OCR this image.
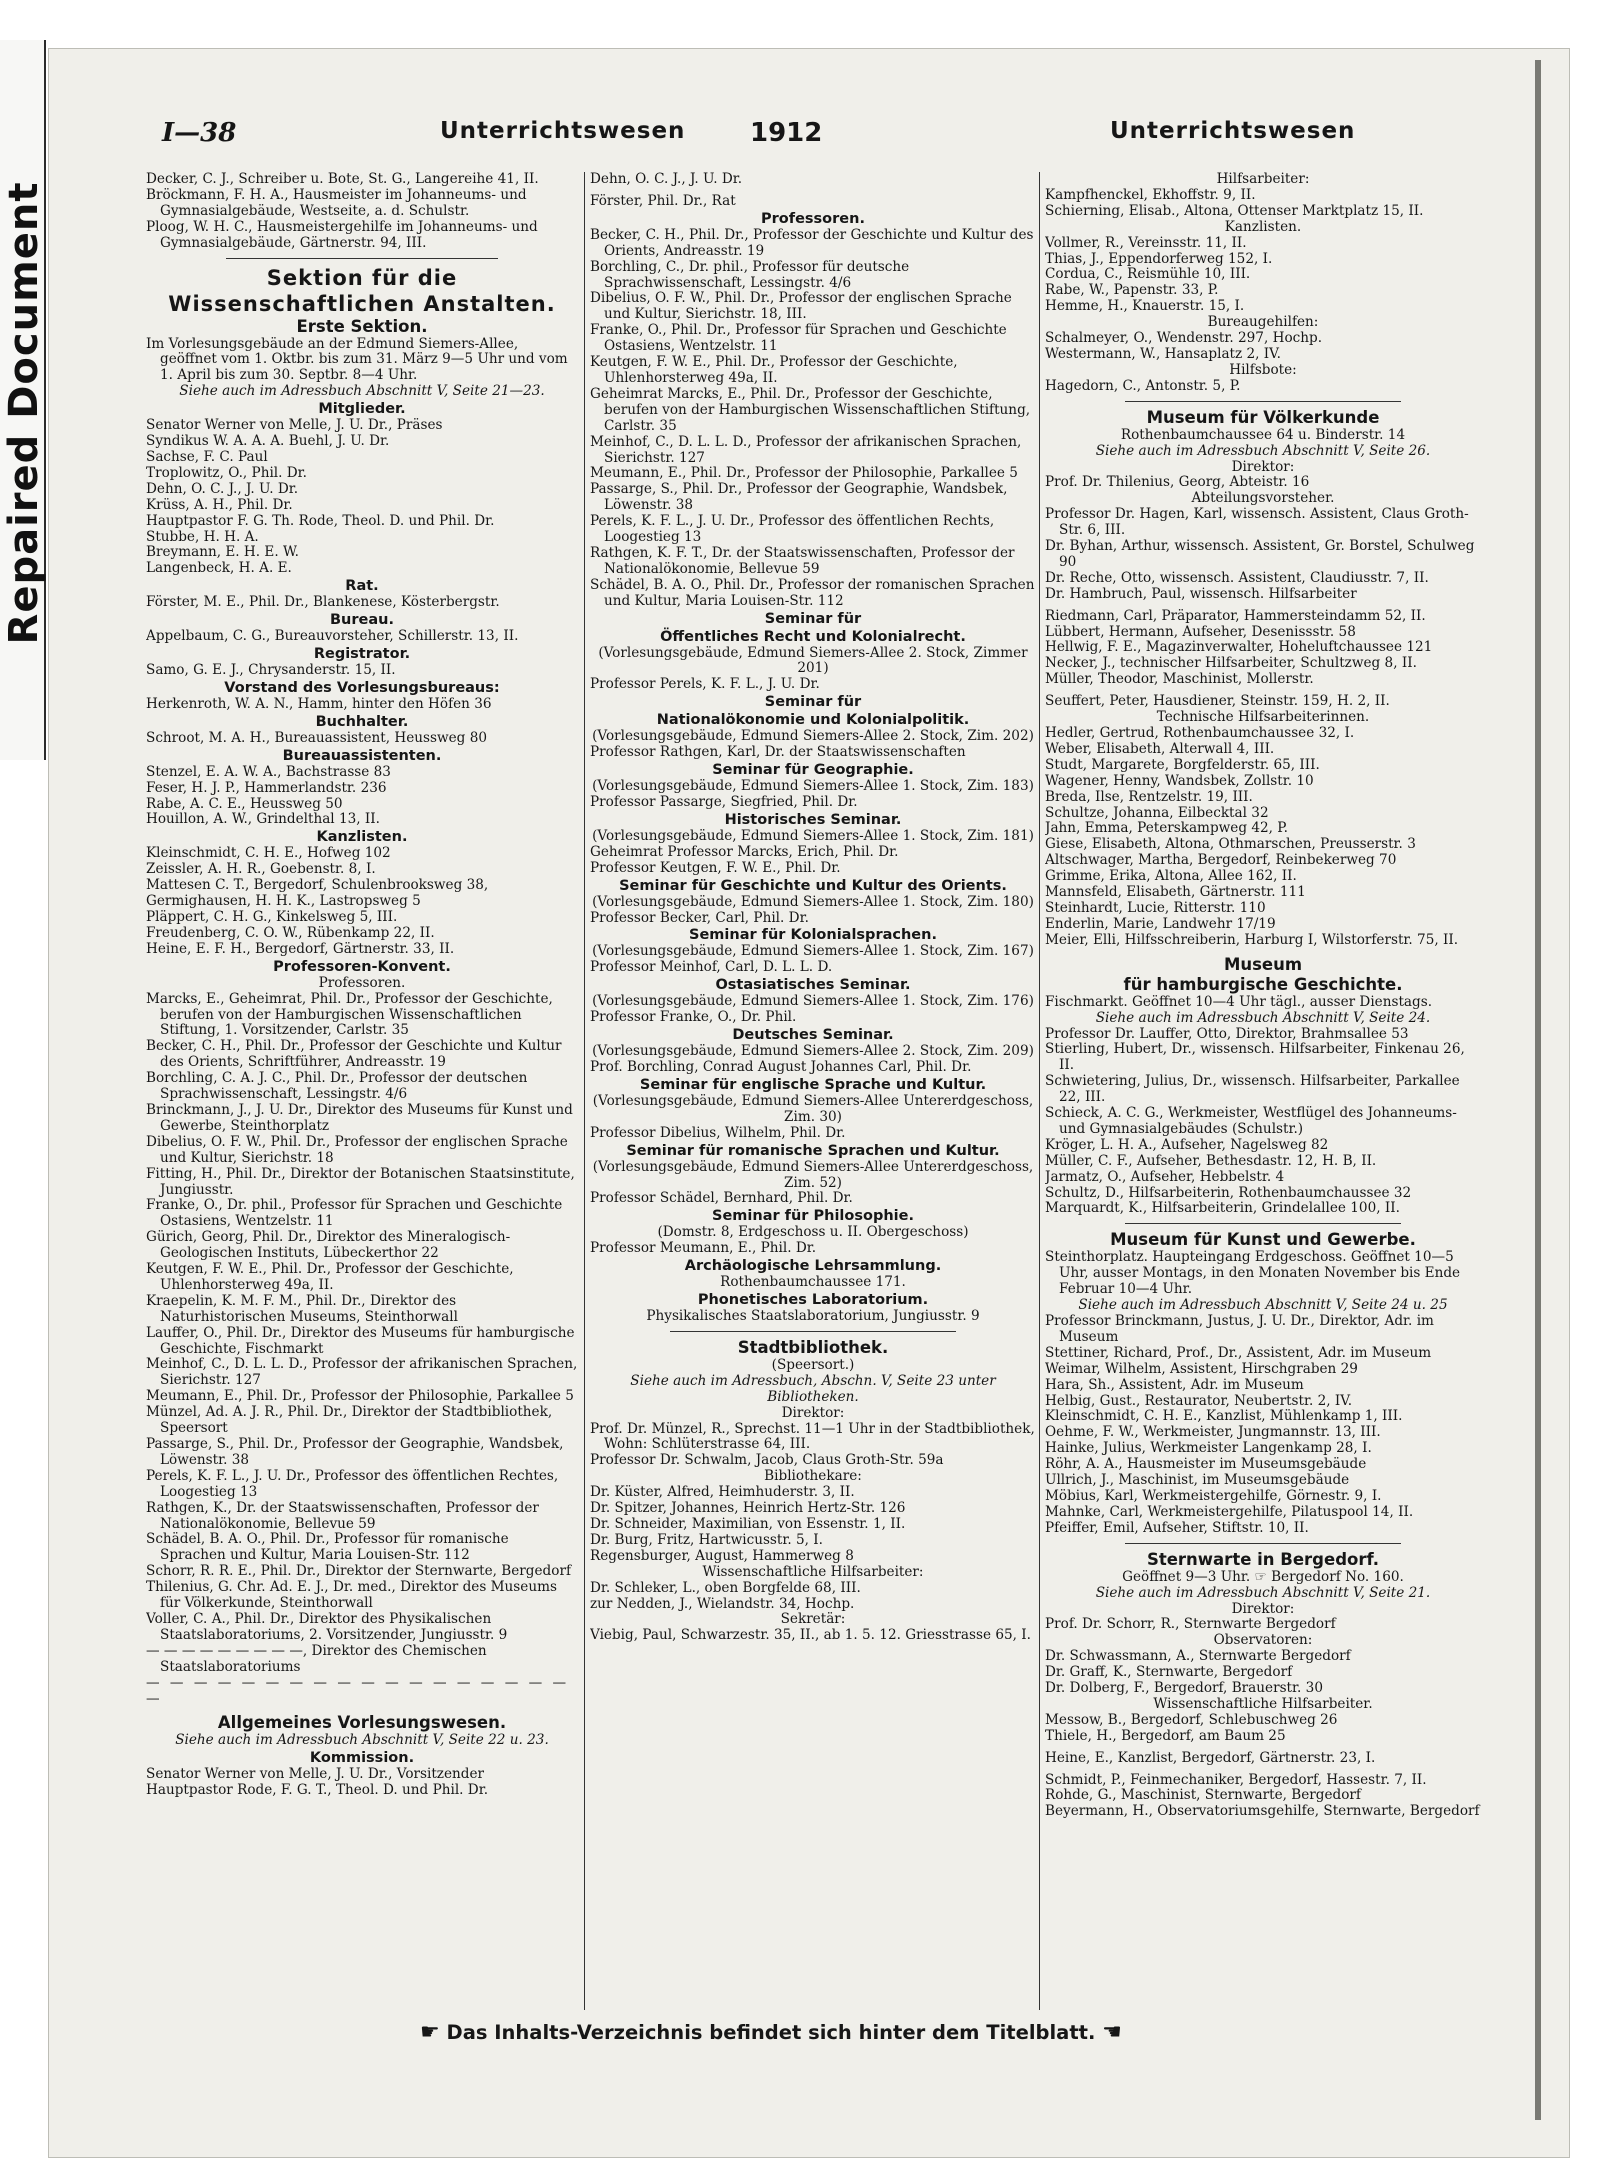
Repaired Document
I—38	Unterrichtswesen 1912	Unterrichtswesen

Decker, C. J., Schreiber u. Bote, St. G., Langereihe 41, II.

Bröckmann, F. H. A., Hausmeister im Johanneums- und Gymnasialgebäude, Westseite, a. d. Schulstr.

Ploog, W. H. C., Hausmeistergehilfe im Johanneums- und Gymnasialgebäude, Gärtnerstr. 94, III.

Sektion für die

Wissenschaftlichen Anstalten.

Erste Sektion.

Im Vorlesungsgebäude an der Edmund Siemers-Allee, geöffnet vom 1. Oktbr. bis zum 31. März 9—5 Uhr und vom 1. April bis zum 30. Septbr. 8—4 Uhr.

Siehe auch im Adressbuch Abschnitt V, Seite 21—23.

Mitglieder.

Senator Werner von Melle, J. U. Dr., Präses

Syndikus W. A. A. A. Buehl, J. U. Dr.

Sachse, F. C. Paul

Troplowitz, O., Phil. Dr.

Dehn, O. C. J., J. U. Dr.

Krüss, A. H., Phil. Dr.

Hauptpastor F. G. Th. Rode, Theol. D. und Phil. Dr.

Stubbe, H. H. A.

Breymann, E. H. E. W.

Langenbeck, H. A. E.

Rat.

Förster, M. E., Phil. Dr., Blankenese, Kösterbergstr.

Bureau.

Appelbaum, C. G., Bureauvorsteher, Schillerstr. 13, II.

Registrator.

Samo, G. E. J., Chrysanderstr. 15, II.

Vorstand des Vorlesungsbureaus:

Herkenroth, W. A. N., Hamm, hinter den Höfen 36

Buchhalter.

Schroot, M. A. H., Bureauassistent, Heussweg 80

Bureauassistenten.

Stenzel, E. A. W. A., Bachstrasse 83

Feser, H. J. P., Hammerlandstr. 236

Rabe, A. C. E., Heussweg 50

Houillon, A. W., Grindelthal 13, II.

Kanzlisten.

Kleinschmidt, C. H. E., Hofweg 102

Zeissler, A. H. R., Goebenstr. 8, I.

Mattesen C. T., Bergedorf, Schulenbrooksweg 38,

Germighausen, H. H. K., Lastropsweg 5

Pläppert, C. H. G., Kinkelsweg 5, III.

Freudenberg, C. O. W., Rübenkamp 22, II.

Heine, E. F. H., Bergedorf, Gärtnerstr. 33, II.

Professoren-Konvent.

Professoren.

Marcks, E., Geheimrat, Phil. Dr., Professor der Geschichte, berufen von der Hamburgischen Wissenschaftlichen Stiftung, 1. Vorsitzender, Carlstr. 35

Becker, C. H., Phil. Dr., Professor der Geschichte und Kultur des Orients, Schriftführer, Andreasstr. 19

Borchling, C. A. J. C., Phil. Dr., Professor der deutschen Sprachwissenschaft, Lessingstr. 4/6

Brinckmann, J., J. U. Dr., Direktor des Museums für Kunst und Gewerbe, Steinthorplatz

Dibelius, O. F. W., Phil. Dr., Professor der englischen Sprache und Kultur, Sierichstr. 18

Fitting, H., Phil. Dr., Direktor der Botanischen Staatsinstitute, Jungiusstr.

Franke, O., Dr. phil., Professor für Sprachen und Geschichte Ostasiens, Wentzelstr. 11

Gürich, Georg, Phil. Dr., Direktor des Mineralogisch-Geologischen Instituts, Lübeckerthor 22

Keutgen, F. W. E., Phil. Dr., Professor der Geschichte, Uhlenhorsterweg 49a, II.

Kraepelin, K. M. F. M., Phil. Dr., Direktor des Naturhistorischen Museums, Steinthorwall

Lauffer, O., Phil. Dr., Direktor des Museums für hamburgische Geschichte, Fischmarkt

Meinhof, C., D. L. L. D., Professor der afrikanischen Sprachen, Sierichstr. 127

Meumann, E., Phil. Dr., Professor der Philosophie, Parkallee 5

Münzel, Ad. A. J. R., Phil. Dr., Direktor der Stadtbibliothek, Speersort

Passarge, S., Phil. Dr., Professor der Geographie, Wandsbek, Löwenstr. 38

Perels, K. F. L., J. U. Dr., Professor des öffentlichen Rechtes, Loogestieg 13

Rathgen, K., Dr. der Staatswissenschaften, Professor der Nationalökonomie, Bellevue 59

Schädel, B. A. O., Phil. Dr., Professor für romanische Sprachen und Kultur, Maria Louisen-Str. 112

Schorr, R. R. E., Phil. Dr., Direktor der Sternwarte, Bergedorf

Thilenius, G. Chr. Ad. E. J., Dr. med., Direktor des Museums für Völkerkunde, Steinthorwall

Voller, C. A., Phil. Dr., Direktor des Physikalischen Staatslaboratoriums, 2. Vorsitzender, Jungiusstr. 9

— — — — — — — — —, Direktor des Chemischen Staatslaboratoriums

— — — — — — — — — — — — — — — — — — —

Allgemeines Vorlesungswesen.

Siehe auch im Adressbuch Abschnitt V, Seite 22 u. 23.

Kommission.

Senator Werner von Melle, J. U. Dr., Vorsitzender

Hauptpastor Rode, F. G. T., Theol. D. und Phil. Dr.

Dehn, O. C. J., J. U. Dr.

Förster, Phil. Dr., Rat

Professoren.

Becker, C. H., Phil. Dr., Professor der Geschichte und Kultur des Orients, Andreasstr. 19

Borchling, C., Dr. phil., Professor für deutsche Sprachwissenschaft, Lessingstr. 4/6

Dibelius, O. F. W., Phil. Dr., Professor der englischen Sprache und Kultur, Sierichstr. 18, III.

Franke, O., Phil. Dr., Professor für Sprachen und Geschichte Ostasiens, Wentzelstr. 11

Keutgen, F. W. E., Phil. Dr., Professor der Geschichte, Uhlenhorsterweg 49a, II.

Geheimrat Marcks, E., Phil. Dr., Professor der Geschichte, berufen von der Hamburgischen Wissenschaftlichen Stiftung, Carlstr. 35

Meinhof, C., D. L. L. D., Professor der afrikanischen Sprachen, Sierichstr. 127

Meumann, E., Phil. Dr., Professor der Philosophie, Parkallee 5

Passarge, S., Phil. Dr., Professor der Geographie, Wandsbek, Löwenstr. 38

Perels, K. F. L., J. U. Dr., Professor des öffentlichen Rechts, Loogestieg 13

Rathgen, K. F. T., Dr. der Staatswissenschaften, Professor der Nationalökonomie, Bellevue 59

Schädel, B. A. O., Phil. Dr., Professor der romanischen Sprachen und Kultur, Maria Louisen-Str. 112

Seminar für

Öffentliches Recht und Kolonialrecht.

(Vorlesungsgebäude, Edmund Siemers-Allee 2. Stock, Zimmer 201)

Professor Perels, K. F. L., J. U. Dr.

Seminar für

Nationalökonomie und Kolonialpolitik.

(Vorlesungsgebäude, Edmund Siemers-Allee 2. Stock, Zim. 202)

Professor Rathgen, Karl, Dr. der Staatswissenschaften

Seminar für Geographie.

(Vorlesungsgebäude, Edmund Siemers-Allee 1. Stock, Zim. 183)

Professor Passarge, Siegfried, Phil. Dr.

Historisches Seminar.

(Vorlesungsgebäude, Edmund Siemers-Allee 1. Stock, Zim. 181)

Geheimrat Professor Marcks, Erich, Phil. Dr.

Professor Keutgen, F. W. E., Phil. Dr.

Seminar für Geschichte und Kultur des Orients.

(Vorlesungsgebäude, Edmund Siemers-Allee 1. Stock, Zim. 180)

Professor Becker, Carl, Phil. Dr.

Seminar für Kolonialsprachen.

(Vorlesungsgebäude, Edmund Siemers-Allee 1. Stock, Zim. 167)

Professor Meinhof, Carl, D. L. L. D.

Ostasiatisches Seminar.

(Vorlesungsgebäude, Edmund Siemers-Allee 1. Stock, Zim. 176)

Professor Franke, O., Dr. Phil.

Deutsches Seminar.

(Vorlesungsgebäude, Edmund Siemers-Allee 2. Stock, Zim. 209)

Prof. Borchling, Conrad August Johannes Carl, Phil. Dr.

Seminar für englische Sprache und Kultur.

(Vorlesungsgebäude, Edmund Siemers-Allee Untererdgeschoss, Zim. 30)

Professor Dibelius, Wilhelm, Phil. Dr.

Seminar für romanische Sprachen und Kultur.

(Vorlesungsgebäude, Edmund Siemers-Allee Untererdgeschoss, Zim. 52)

Professor Schädel, Bernhard, Phil. Dr.

Seminar für Philosophie.

(Domstr. 8, Erdgeschoss u. II. Obergeschoss)

Professor Meumann, E., Phil. Dr.

Archäologische Lehrsammlung.

Rothenbaumchaussee 171.

Phonetisches Laboratorium.

Physikalisches Staatslaboratorium, Jungiusstr. 9

Stadtbibliothek.

(Speersort.)

Siehe auch im Adressbuch, Abschn. V, Seite 23 unter Bibliotheken.

Direktor:

Prof. Dr. Münzel, R., Sprechst. 11—1 Uhr in der Stadtbibliothek, Wohn: Schlüterstrasse 64, III.

Professor Dr. Schwalm, Jacob, Claus Groth-Str. 59a

Bibliothekare:

Dr. Küster, Alfred, Heimhuderstr. 3, II.

Dr. Spitzer, Johannes, Heinrich Hertz-Str. 126

Dr. Schneider, Maximilian, von Essenstr. 1, II.

Dr. Burg, Fritz, Hartwicusstr. 5, I.

Regensburger, August, Hammerweg 8

Wissenschaftliche Hilfsarbeiter:

Dr. Schleker, L., oben Borgfelde 68, III.

zur Nedden, J., Wielandstr. 34, Hochp.

Sekretär:

Viebig, Paul, Schwarzestr. 35, II., ab 1. 5. 12. Griesstrasse 65, I.

Hilfsarbeiter:

Kampfhenckel, Ekhoffstr. 9, II.

Schierning, Elisab., Altona, Ottenser Marktplatz 15, II.

Kanzlisten.

Vollmer, R., Vereinsstr. 11, II.

Thias, J., Eppendorferweg 152, I.

Cordua, C., Reismühle 10, III.

Rabe, W., Papenstr. 33, P.

Hemme, H., Knauerstr. 15, I.

Bureaugehilfen:

Schalmeyer, O., Wendenstr. 297, Hochp.

Westermann, W., Hansaplatz 2, IV.

Hilfsbote:

Hagedorn, C., Antonstr. 5, P.

Museum für Völkerkunde

Rothenbaumchaussee 64 u. Binderstr. 14

Siehe auch im Adressbuch Abschnitt V, Seite 26.

Direktor:

Prof. Dr. Thilenius, Georg, Abteistr. 16

Abteilungsvorsteher.

Professor Dr. Hagen, Karl, wissensch. Assistent, Claus Groth-Str. 6, III.

Dr. Byhan, Arthur, wissensch. Assistent, Gr. Borstel, Schulweg 90

Dr. Reche, Otto, wissensch. Assistent, Claudiusstr. 7, II.

Dr. Hambruch, Paul, wissensch. Hilfsarbeiter

Riedmann, Carl, Präparator, Hammersteindamm 52, II.

Lübbert, Hermann, Aufseher, Desenissstr. 58

Hellwig, F. E., Magazinverwalter, Hoheluftchaussee 121

Necker, J., technischer Hilfsarbeiter, Schultzweg 8, II.

Müller, Theodor, Maschinist, Mollerstr.

Seuffert, Peter, Hausdiener, Steinstr. 159, H. 2, II.

Technische Hilfsarbeiterinnen.

Hedler, Gertrud, Rothenbaumchaussee 32, I.

Weber, Elisabeth, Alterwall 4, III.

Studt, Margarete, Borgfelderstr. 65, III.

Wagener, Henny, Wandsbek, Zollstr. 10

Breda, Ilse, Rentzelstr. 19, III.

Schultze, Johanna, Eilbecktal 32

Jahn, Emma, Peterskampweg 42, P.

Giese, Elisabeth, Altona, Othmarschen, Preusserstr. 3

Altschwager, Martha, Bergedorf, Reinbekerweg 70

Grimme, Erika, Altona, Allee 162, II.

Mannsfeld, Elisabeth, Gärtnerstr. 111

Steinhardt, Lucie, Ritterstr. 110

Enderlin, Marie, Landwehr 17/19

Meier, Elli, Hilfsschreiberin, Harburg I, Wilstorferstr. 75, II.

Museum

für hamburgische Geschichte.

Fischmarkt. Geöffnet 10—4 Uhr tägl., ausser Dienstags.

Siehe auch im Adressbuch Abschnitt V, Seite 24.

Professor Dr. Lauffer, Otto, Direktor, Brahmsallee 53

Stierling, Hubert, Dr., wissensch. Hilfsarbeiter, Finkenau 26, II.

Schwietering, Julius, Dr., wissensch. Hilfsarbeiter, Parkallee 22, III.

Schieck, A. C. G., Werkmeister, Westflügel des Johanneums- und Gymnasialgebäudes (Schulstr.)

Kröger, L. H. A., Aufseher, Nagelsweg 82

Müller, C. F., Aufseher, Bethesdastr. 12, H. B, II.

Jarmatz, O., Aufseher, Hebbelstr. 4

Schultz, D., Hilfsarbeiterin, Rothenbaumchaussee 32

Marquardt, K., Hilfsarbeiterin, Grindelallee 100, II.

Museum für Kunst und Gewerbe.

Steinthorplatz. Haupteingang Erdgeschoss. Geöffnet 10—5 Uhr, ausser Montags, in den Monaten November bis Ende Februar 10—4 Uhr.

Siehe auch im Adressbuch Abschnitt V, Seite 24 u. 25

Professor Brinckmann, Justus, J. U. Dr., Direktor, Adr. im Museum

Stettiner, Richard, Prof., Dr., Assistent, Adr. im Museum

Weimar, Wilhelm, Assistent, Hirschgraben 29

Hara, Sh., Assistent, Adr. im Museum

Helbig, Gust., Restaurator, Neubertstr. 2, IV.

Kleinschmidt, C. H. E., Kanzlist, Mühlenkamp 1, III.

Oehme, F. W., Werkmeister, Jungmannstr. 13, III.

Hainke, Julius, Werkmeister Langenkamp 28, I.

Röhr, A. A., Hausmeister im Museumsgebäude

Ullrich, J., Maschinist, im Museumsgebäude

Möbius, Karl, Werkmeistergehilfe, Görnestr. 9, I.

Mahnke, Carl, Werkmeistergehilfe, Pilatuspool 14, II.

Pfeiffer, Emil, Aufseher, Stiftstr. 10, II.

Sternwarte in Bergedorf.

Geöffnet 9—3 Uhr. ☞ Bergedorf No. 160.

Siehe auch im Adressbuch Abschnitt V, Seite 21.

Direktor:

Prof. Dr. Schorr, R., Sternwarte Bergedorf

Observatoren:

Dr. Schwassmann, A., Sternwarte Bergedorf

Dr. Graff, K., Sternwarte, Bergedorf

Dr. Dolberg, F., Bergedorf, Brauerstr. 30

Wissenschaftliche Hilfsarbeiter.

Messow, B., Bergedorf, Schlebuschweg 26

Thiele, H., Bergedorf, am Baum 25

Heine, E., Kanzlist, Bergedorf, Gärtnerstr. 23, I.

Schmidt, P., Feinmechaniker, Bergedorf, Hassestr. 7, II.

Rohde, G., Maschinist, Sternwarte, Bergedorf

Beyermann, H., Observatoriumsgehilfe, Sternwarte, Bergedorf

☛ Das Inhalts-Verzeichnis befindet sich hinter dem Titelblatt. ☚
